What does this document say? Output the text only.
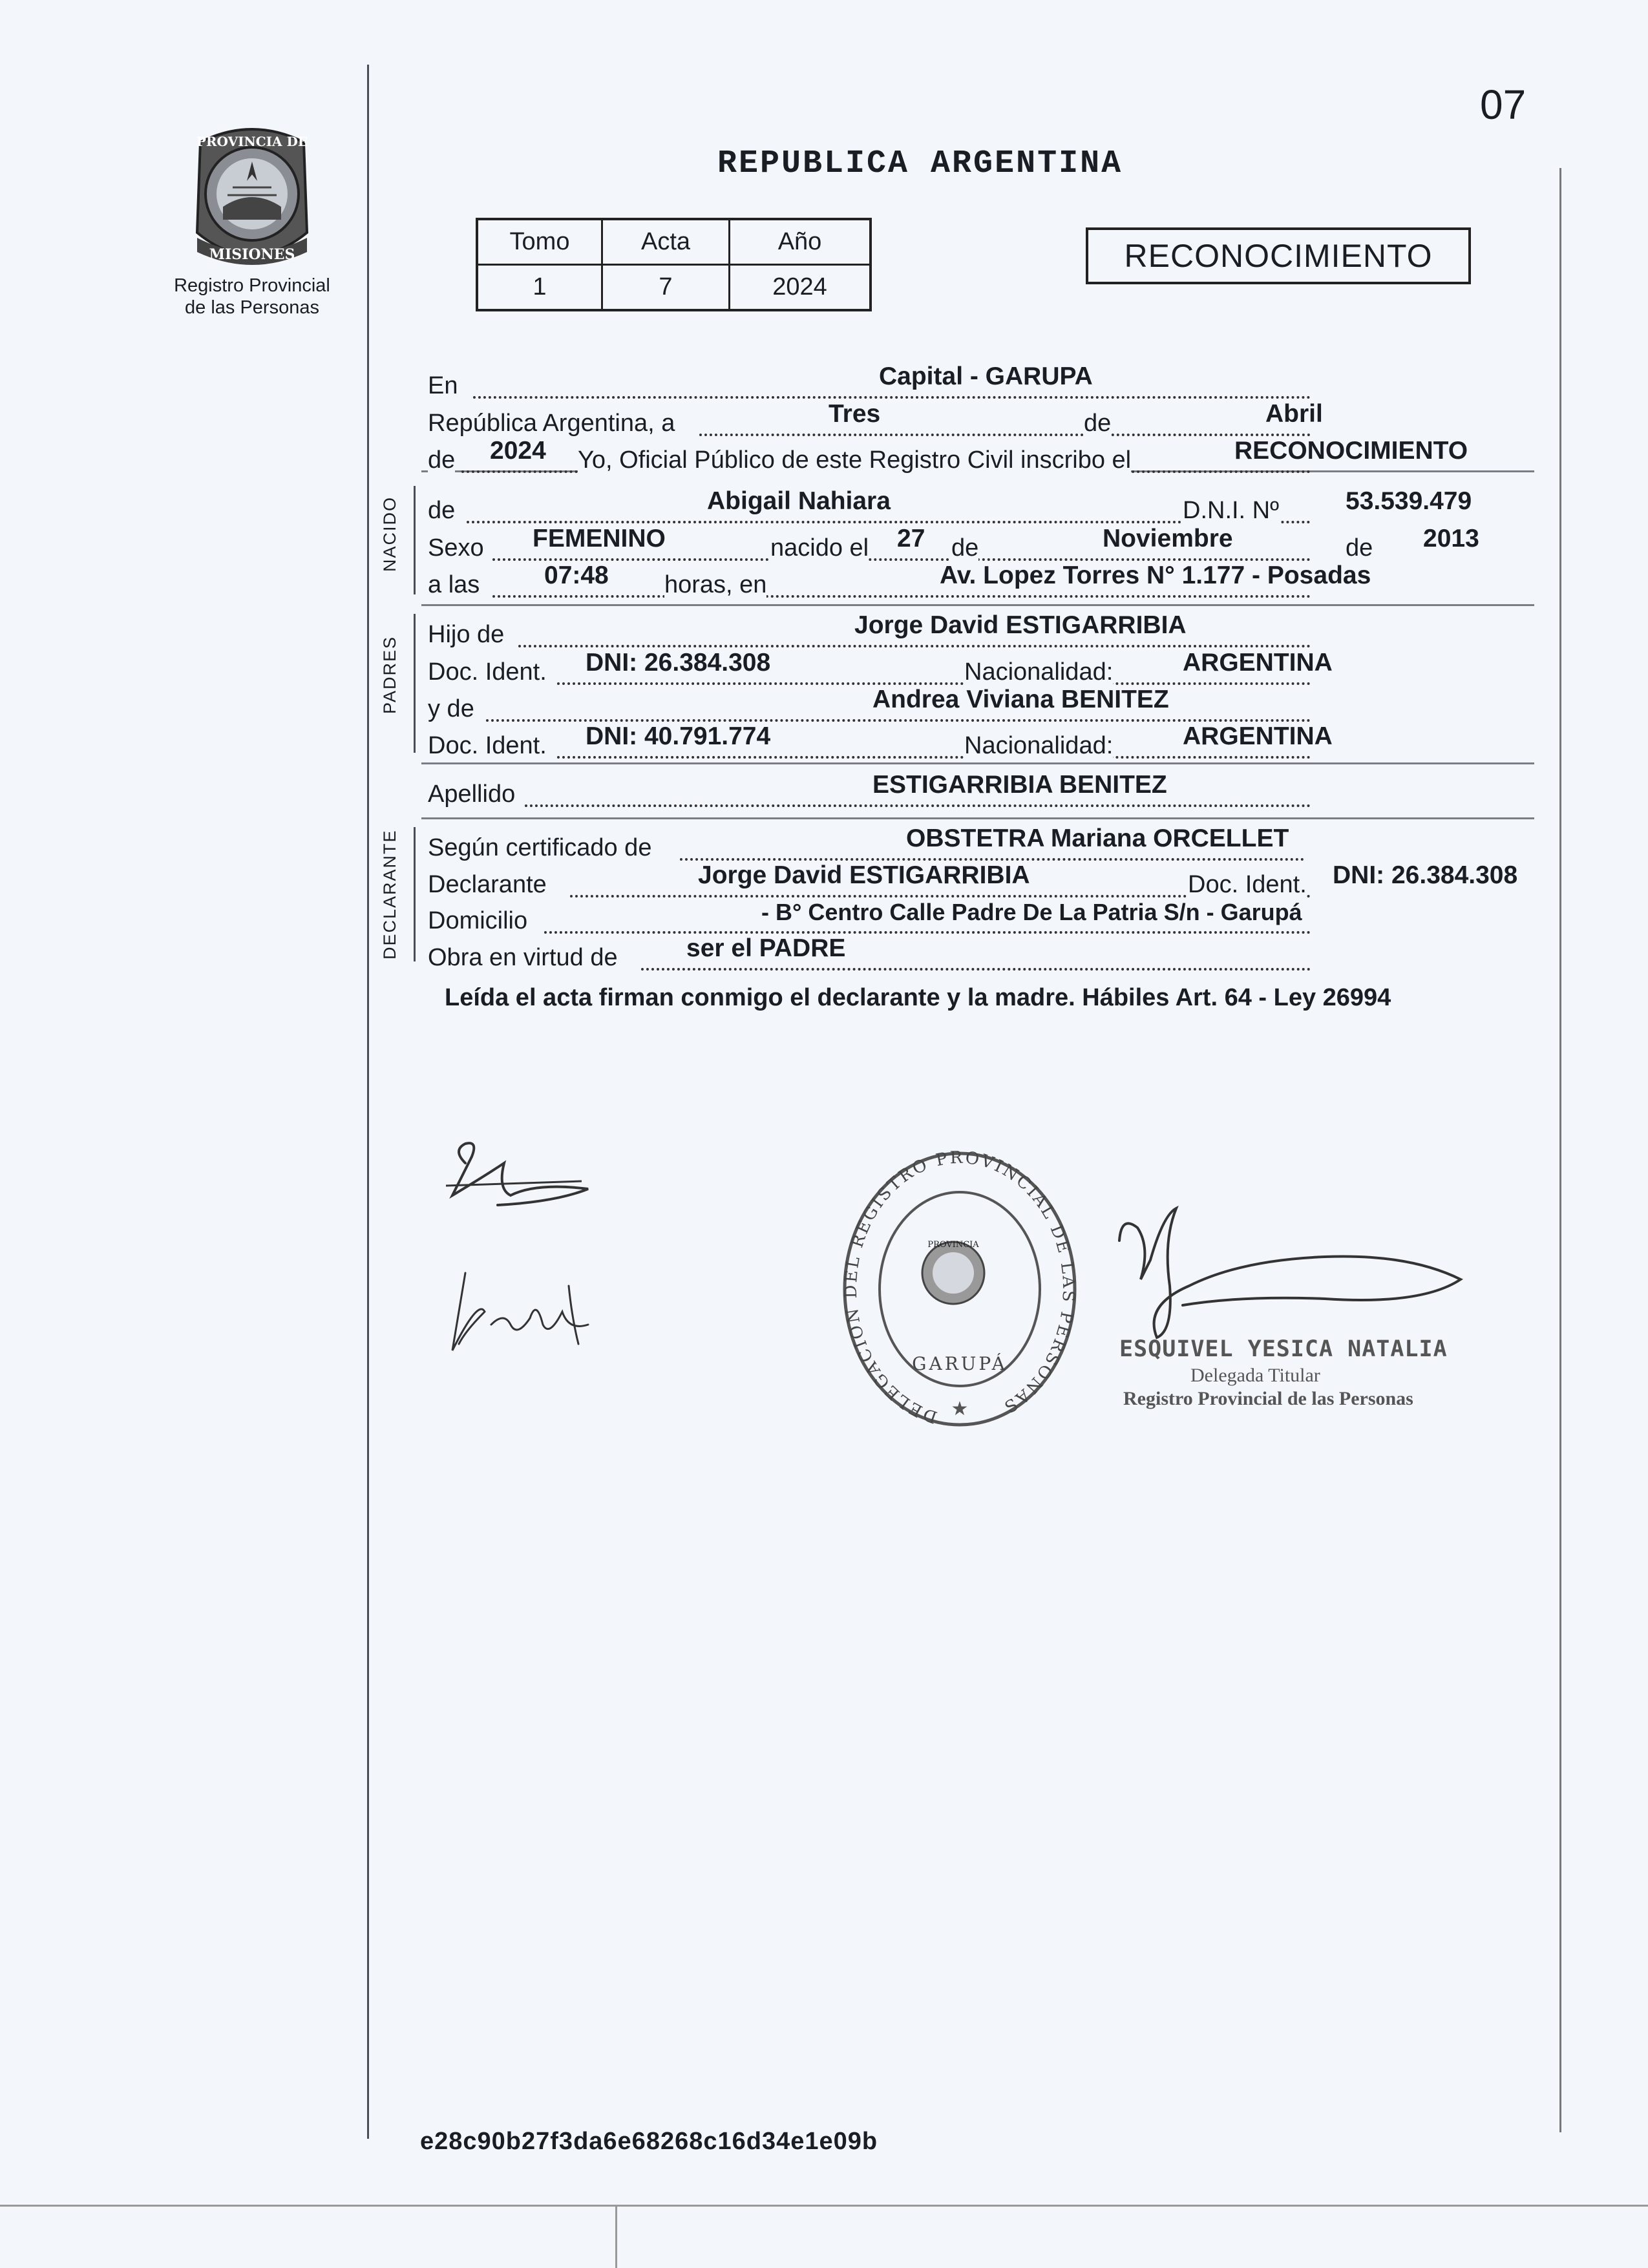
07
PROVINCIA DE
MISIONES
Registro Provincial
de las Personas
REPUBLICA ARGENTINA
Tomo	Acta	Año
1	7	2024
RECONOCIMIENTO
NACIDO
PADRES
DECLARANTE
En	Capital - GARUPA
República Argentina, a	Tres	de	Abril
de 2024 Yo, Oficial Público de este Registro Civil inscribo el	RECONOCIMIENTO
de	Abigail Nahiara	D.N.I. Nº	53.539.479
Sexo FEMENINO	nacido el 27 de	Noviembre	de 2013
a las	07:48 horas, en	Av. Lopez Torres N° 1.177 - Posadas
Hijo de	Jorge David ESTIGARRIBIA
Doc. Ident. DNI: 26.384.308	Nacionalidad:	ARGENTINA
y de	Andrea Viviana BENITEZ
Doc. Ident. DNI: 40.791.774	Nacionalidad:	ARGENTINA
Apellido	ESTIGARRIBIA BENITEZ
Según certificado de	OBSTETRA Mariana ORCELLET
Declarante	Jorge David ESTIGARRIBIA	Doc. Ident. DNI: 26.384.308
Domicilio	- B° Centro Calle Padre De La Patria S/n - Garupá
Obra en virtud de	ser el PADRE
Leída el acta firman conmigo el declarante y la madre. Hábiles Art. 64 - Ley 26994
DELEGACION DEL REGISTRO PROVINCIAL DE LAS PERSONAS
PROVINCIA
GARUPÁ
★
ESQUIVEL YESICA NATALIA
Delegada Titular
Registro Provincial de las Personas
e28c90b27f3da6e68268c16d34e1e09b
